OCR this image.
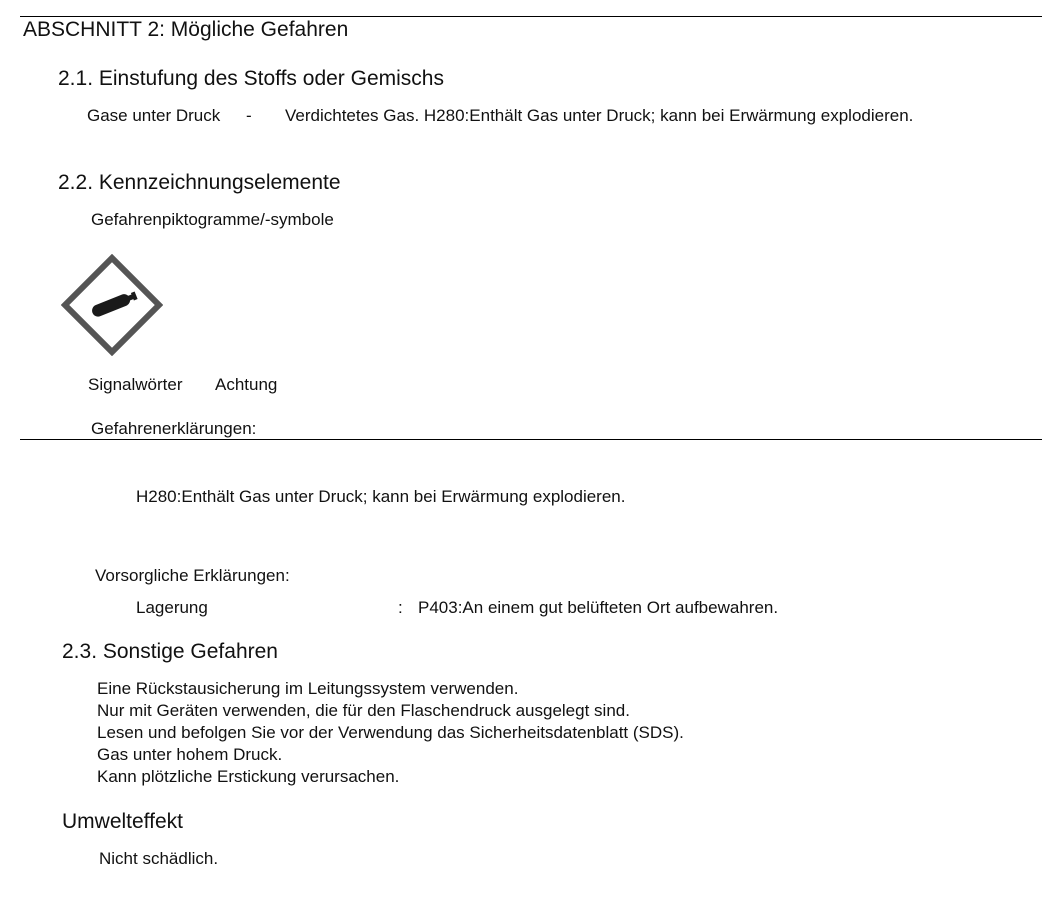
ABSCHNITT 2: Mögliche Gefahren
2.1. Einstufung des Stoffs oder Gemischs
Gase unter Druck - Verdichtetes Gas. H280:Enthält Gas unter Druck; kann bei Erwärmung explodieren.
2.2. Kennzeichnungselemente
Gefahrenpiktogramme/-symbole
Signalwörter Achtung
Gefahrenerklärungen:
H280:Enthält Gas unter Druck; kann bei Erwärmung explodieren.
Vorsorgliche Erklärungen:
Lagerung	: P403:An einem gut belüfteten Ort aufbewahren.
2.3. Sonstige Gefahren
Eine Rückstausicherung im Leitungssystem verwenden.
Nur mit Geräten verwenden, die für den Flaschendruck ausgelegt sind.
Lesen und befolgen Sie vor der Verwendung das Sicherheitsdatenblatt (SDS).
Gas unter hohem Druck.
Kann plötzliche Erstickung verursachen.
Umwelteffekt
Nicht schädlich.
